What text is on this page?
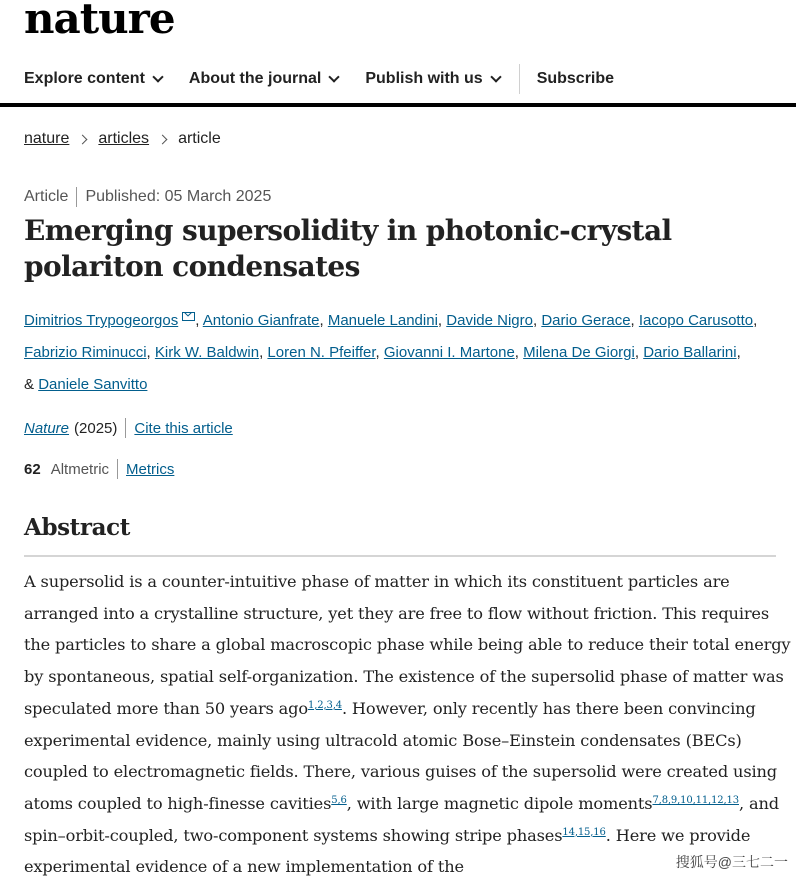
nature
Explore content	About the journal	Publish with us	Subscribe
nature articles article
Article Published: 05 March 2025
Emerging supersolidity in photonic-crystal polariton condensates
Dimitrios Trypogeorgos , Antonio Gianfrate, Manuele Landini, Davide Nigro, Dario Gerace, Iacopo Carusotto, Fabrizio Riminucci, Kirk W. Baldwin, Loren N. Pfeiffer, Giovanni I. Martone, Milena De Giorgi, Dario Ballarini,
& Daniele Sanvitto
Nature (2025) Cite this article
62 Altmetric Metrics
Abstract

A supersolid is a counter-intuitive phase of matter in which its constituent particles are arranged into a crystalline structure, yet they are free to flow without friction. This requires the particles to share a global macroscopic phase while being able to reduce their total energy by spontaneous, spatial self-organization. The existence of the supersolid phase of matter was speculated more than 50 years ago$^{1,2,3,4}$. However, only recently has there been convincing experimental evidence, mainly using ultracold atomic Bose–Einstein condensates (BECs) coupled to electromagnetic fields. There, various guises of the supersolid were created using atoms coupled to high-finesse cavities$^{5,6}$, with large magnetic dipole moments$^{7,8,9,10,11,12,13}$, and spin–orbit-coupled, two-component systems showing stripe phases$^{14,15,16}$. Here we provide experimental evidence of a new implementation of the	搜狐号@三七二一
